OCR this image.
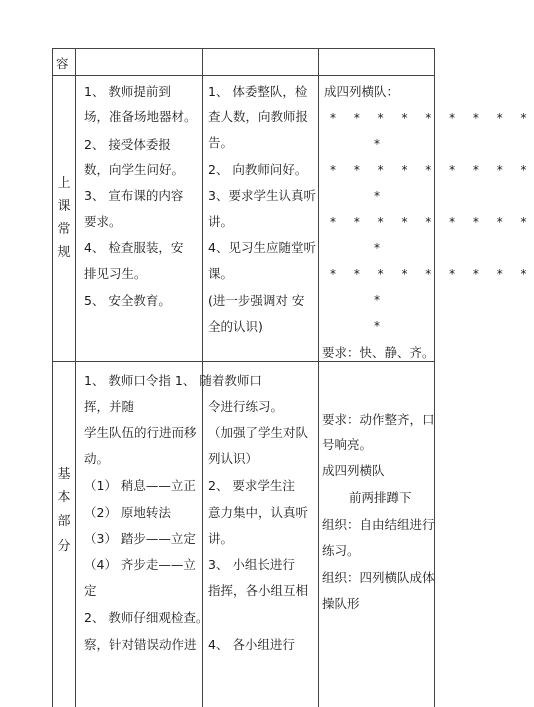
容
上
课
常
规
1、 教师提前到
场，准备场地器材。
2、 接受体委报
数，向学生问好。
3、 宣布课的内容
要求。
4、 检查服装，安
排见习生。
5、 安全教育。
1、 体委整队，检
查人数，向教师报
告。
2、 向教师问好。
3、要求学生认真听
讲。
4、见习生应随堂听
课。
(进一步强调对 安
全的认识)
成四列横队：
* * * * * * * * *
*
* * * * * * * * *
*
* * * * * * * * *
*
* * * * * * * * *
*
*
要求：快、静、齐。
基
本
部
分
1、 教师口令指 1、 随着教师口
挥，并随
学生队伍的行进而移
动。
（1） 稍息——立正
（2） 原地转法
（3） 踏步——立定
（4） 齐步走——立
定
2、 教师仔细观检查。
察，针对错误动作进
令进行练习。
（加强了学生对队
列认识）
2、 要求学生注
意力集中，认真听
讲。
3、 小组长进行
指挥，各小组互相
4、 各小组进行
要求：动作整齐，口
号响亮。
成四列横队
前两排蹲下
组织：自由结组进行
练习。
组织：四列横队成体
操队形
